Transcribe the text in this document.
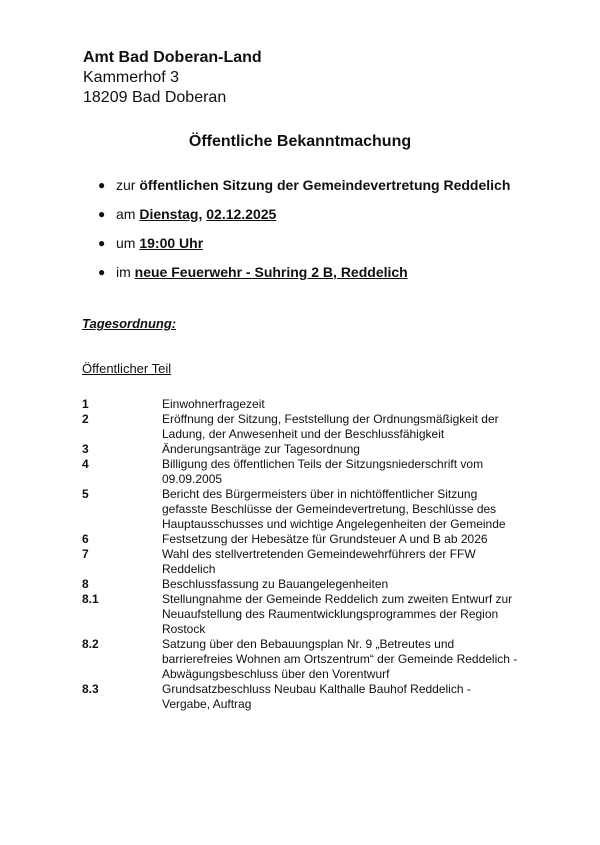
Amt Bad Doberan-Land
Kammerhof 3
18209 Bad Doberan
Öffentliche Bekanntmachung
● zur öffentlichen Sitzung der Gemeindevertretung Reddelich
● am Dienstag, 02.12.2025
● um 19:00 Uhr
● im neue Feuerwehr - Suhring 2 B, Reddelich
Tagesordnung:
Öffentlicher Teil
1	Einwohnerfragezeit
2	Eröffnung der Sitzung, Feststellung der Ordnungsmäßigkeit der Ladung, der Anwesenheit und der Beschlussfähigkeit
3	Änderungsanträge zur Tagesordnung
4	Billigung des öffentlichen Teils der Sitzungsniederschrift vom 09.09.2005
5	Bericht des Bürgermeisters über in nichtöffentlicher Sitzung gefasste Beschlüsse der Gemeindevertretung, Beschlüsse des Hauptausschusses und wichtige Angelegenheiten der Gemeinde
6	Festsetzung der Hebesätze für Grundsteuer A und B ab 2026
7	Wahl des stellvertretenden Gemeindewehrführers der FFW Reddelich
8	Beschlussfassung zu Bauangelegenheiten
8.1	Stellungnahme der Gemeinde Reddelich zum zweiten Entwurf zur Neuaufstellung des Raumentwicklungsprogrammes der Region Rostock
8.2	Satzung über den Bebauungsplan Nr. 9 „Betreutes und barrierefreies Wohnen am Ortszentrum“ der Gemeinde Reddelich - Abwägungsbeschluss über den Vorentwurf
8.3	Grundsatzbeschluss Neubau Kalthalle Bauhof Reddelich - Vergabe, Auftrag
